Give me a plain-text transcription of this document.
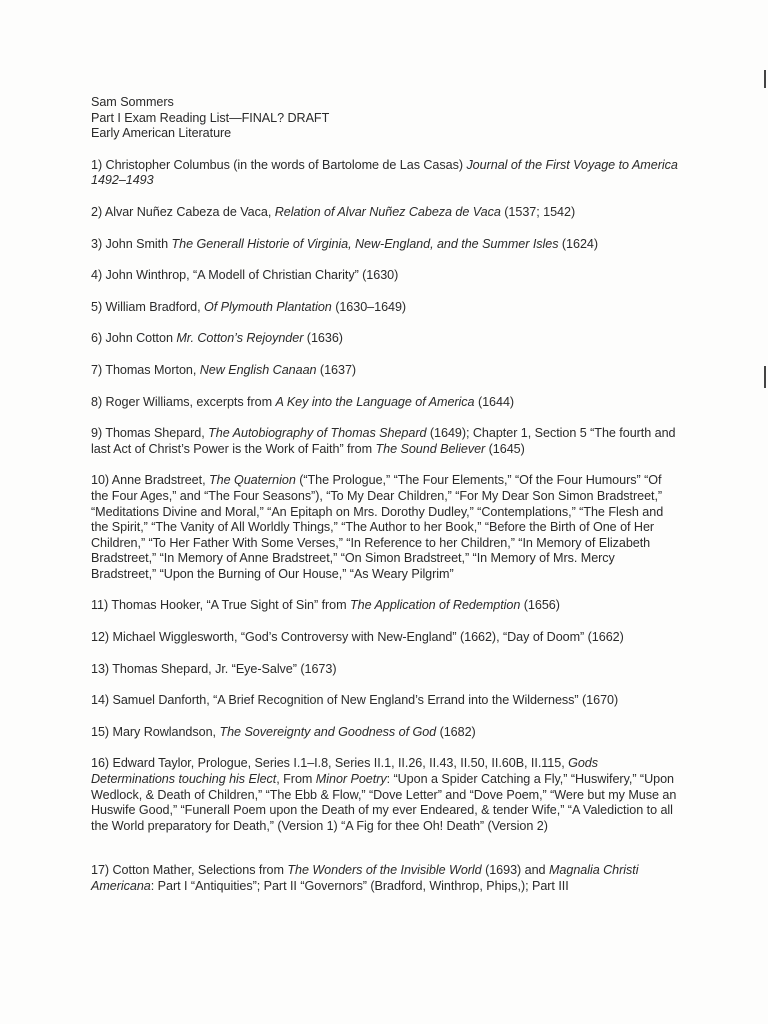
Sam Sommers
Part I Exam Reading List—FINAL? DRAFT
Early American Literature
1) Christopher Columbus (in the words of Bartolome de Las Casas) Journal of the First Voyage to America 1492–1493
2) Alvar Nuñez Cabeza de Vaca, Relation of Alvar Nuñez Cabeza de Vaca (1537; 1542)
3) John Smith The Generall Historie of Virginia, New-England, and the Summer Isles (1624)
4) John Winthrop, “A Modell of Christian Charity” (1630)
5) William Bradford, Of Plymouth Plantation (1630–1649)
6) John Cotton Mr. Cotton’s Rejoynder (1636)
7) Thomas Morton, New English Canaan (1637)
8) Roger Williams, excerpts from A Key into the Language of America (1644)
9) Thomas Shepard, The Autobiography of Thomas Shepard (1649); Chapter 1, Section 5 “The fourth and last Act of Christ’s Power is the Work of Faith” from The Sound Believer (1645)
10) Anne Bradstreet, The Quaternion (“The Prologue,” “The Four Elements,” “Of the Four Humours” “Of the Four Ages,” and “The Four Seasons”), “To My Dear Children,” “For My Dear Son Simon Bradstreet,” “Meditations Divine and Moral,” “An Epitaph on Mrs. Dorothy Dudley,” “Contemplations,” “The Flesh and the Spirit,” “The Vanity of All Worldly Things,” “The Author to her Book,” “Before the Birth of One of Her Children,” “To Her Father With Some Verses,” “In Reference to her Children,” “In Memory of Elizabeth Bradstreet,” “In Memory of Anne Bradstreet,” “On Simon Bradstreet,” “In Memory of Mrs. Mercy Bradstreet,” “Upon the Burning of Our House,” “As Weary Pilgrim”
11) Thomas Hooker, “A True Sight of Sin” from The Application of Redemption (1656)
12) Michael Wigglesworth, “God’s Controversy with New-England” (1662), “Day of Doom” (1662)
13) Thomas Shepard, Jr. “Eye-Salve” (1673)
14) Samuel Danforth, “A Brief Recognition of New England’s Errand into the Wilderness” (1670)
15) Mary Rowlandson, The Sovereignty and Goodness of God (1682)
16) Edward Taylor, Prologue, Series I.1–I.8, Series II.1, II.26, II.43, II.50, II.60B, II.115, Gods Determinations touching his Elect, From Minor Poetry: “Upon a Spider Catching a Fly,” “Huswifery,” “Upon Wedlock, & Death of Children,” “The Ebb & Flow,” “Dove Letter” and “Dove Poem,” “Were but my Muse an Huswife Good,” “Funerall Poem upon the Death of my ever Endeared, & tender Wife,” “A Valediction to all the World preparatory for Death,” (Version 1) “A Fig for thee Oh! Death” (Version 2)
17) Cotton Mather, Selections from The Wonders of the Invisible World (1693) and Magnalia Christi Americana: Part I “Antiquities”; Part II “Governors” (Bradford, Winthrop, Phips,); Part III
